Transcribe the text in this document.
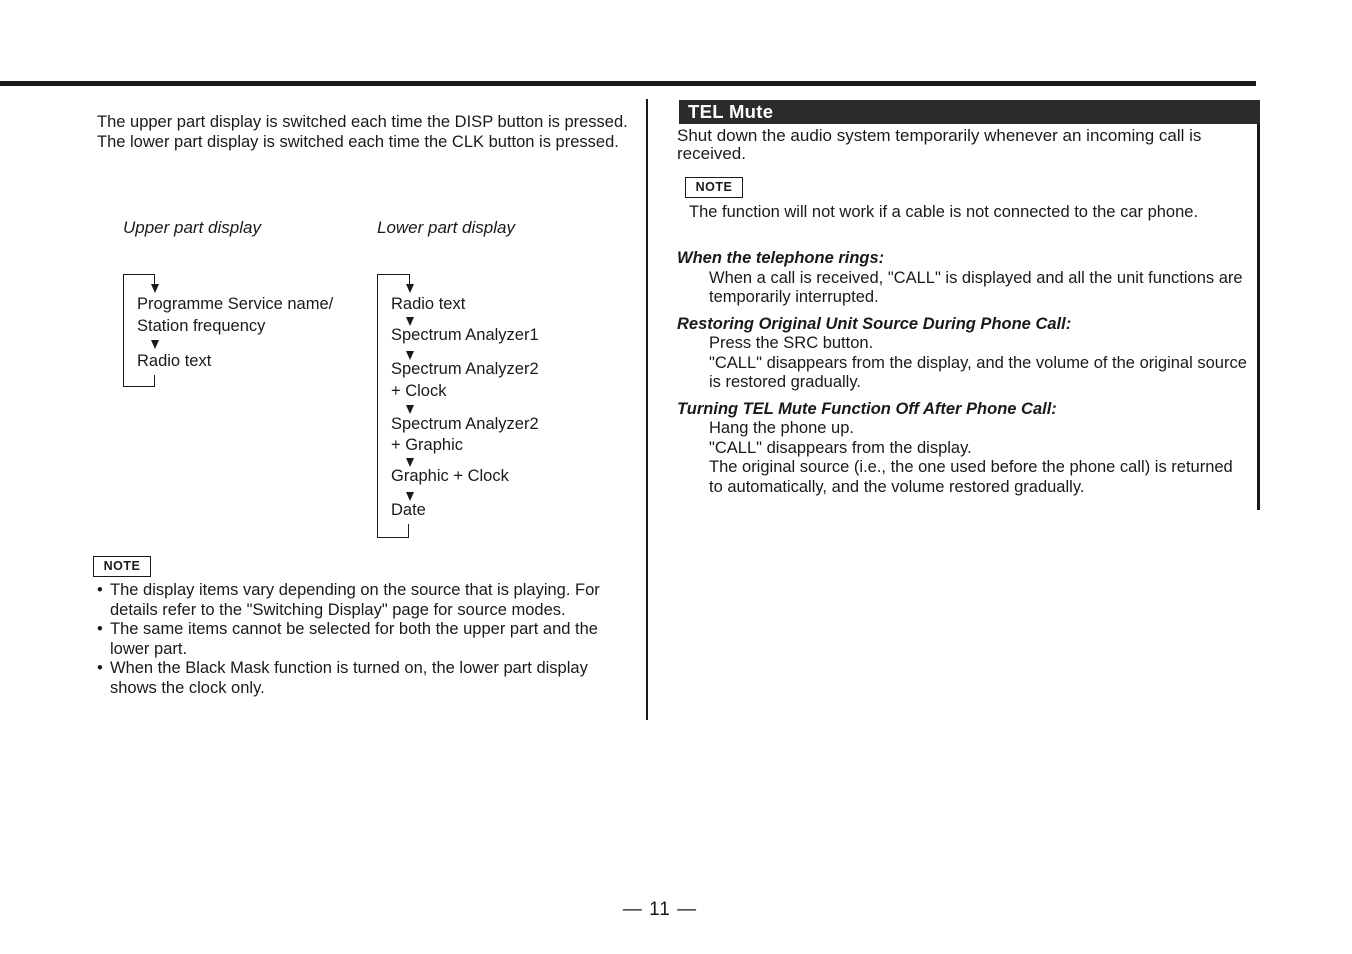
The upper part display is switched each time the DISP button is pressed.

The lower part display is switched each time the CLK button is pressed.

Upper part display	Lower part display
Programme Service name/
Station frequency
Radio text
Radio text
Spectrum Analyzer1
Spectrum Analyzer2
+ Clock
Spectrum Analyzer2
+ Graphic
Graphic + Clock
Date
NOTE
• The display items vary depending on the source that is playing. For details refer to the "Switching Display" page for source modes.
• The same items cannot be selected for both the upper part and the lower part.
• When the Black Mask function is turned on, the lower part display shows the clock only.
TEL Mute
Shut down the audio system temporarily whenever an incoming call is received.
NOTE
The function will not work if a cable is not connected to the car phone.
When the telephone rings:
When a call is received, "CALL" is displayed and all the unit functions are temporarily interrupted.
Restoring Original Unit Source During Phone Call:
Press the SRC button.
"CALL" disappears from the display, and the volume of the original source is restored gradually.
Turning TEL Mute Function Off After Phone Call:
Hang the phone up.
"CALL" disappears from the display.
The original source (i.e., the one used before the phone call) is returned to automatically, and the volume restored gradually.
— 11 —
